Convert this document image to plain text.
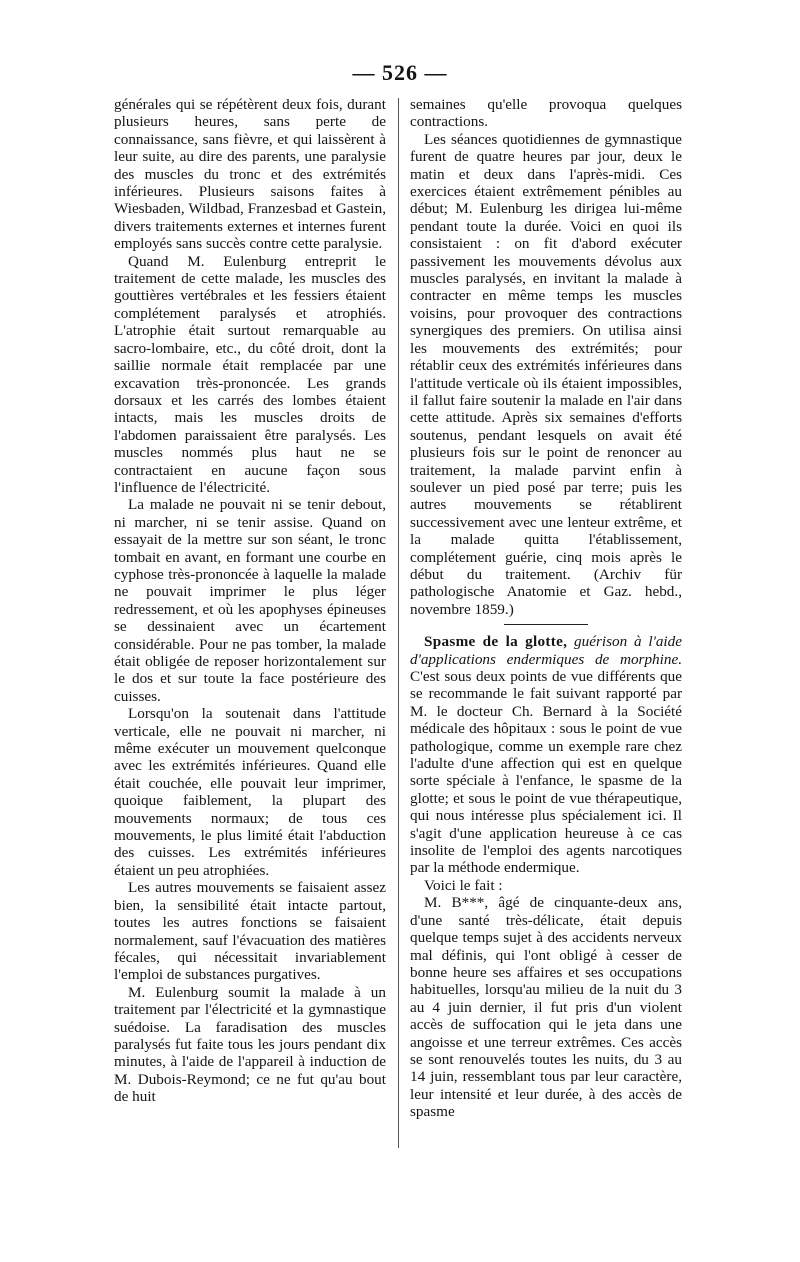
— 526 —

générales qui se répétèrent deux fois, durant plusieurs heures, sans perte de connaissance, sans fièvre, et qui laissèrent à leur suite, au dire des parents, une paralysie des muscles du tronc et des extrémités inférieures. Plusieurs saisons faites à Wiesbaden, Wildbad, Franzesbad et Gastein, divers traitements externes et internes furent employés sans succès contre cette paralysie.

Quand M. Eulenburg entreprit le traitement de cette malade, les muscles des gouttières vertébrales et les fessiers étaient complétement paralysés et atrophiés. L'atrophie était surtout remarquable au sacro-lombaire, etc., du côté droit, dont la saillie normale était remplacée par une excavation très-prononcée. Les grands dorsaux et les carrés des lombes étaient intacts, mais les muscles droits de l'abdomen paraissaient être paralysés. Les muscles nommés plus haut ne se contractaient en aucune façon sous l'influence de l'électricité.

La malade ne pouvait ni se tenir debout, ni marcher, ni se tenir assise. Quand on essayait de la mettre sur son séant, le tronc tombait en avant, en formant une courbe en cyphose très-prononcée à laquelle la malade ne pouvait imprimer le plus léger redressement, et où les apophyses épineuses se dessinaient avec un écartement considérable. Pour ne pas tomber, la malade était obligée de reposer horizontalement sur le dos et sur toute la face postérieure des cuisses.

Lorsqu'on la soutenait dans l'attitude verticale, elle ne pouvait ni marcher, ni même exécuter un mouvement quelconque avec les extrémités inférieures. Quand elle était couchée, elle pouvait leur imprimer, quoique faiblement, la plupart des mouvements normaux; de tous ces mouvements, le plus limité était l'abduction des cuisses. Les extrémités inférieures étaient un peu atrophiées.

Les autres mouvements se faisaient assez bien, la sensibilité était intacte partout, toutes les autres fonctions se faisaient normalement, sauf l'évacuation des matières fécales, qui nécessitait invariablement l'emploi de substances purgatives.

M. Eulenburg soumit la malade à un traitement par l'électricité et la gymnastique suédoise. La faradisation des muscles paralysés fut faite tous les jours pendant dix minutes, à l'aide de l'appareil à induction de M. Dubois-Reymond; ce ne fut qu'au bout de huit

semaines qu'elle provoqua quelques contractions.

Les séances quotidiennes de gymnastique furent de quatre heures par jour, deux le matin et deux dans l'après-midi. Ces exercices étaient extrêmement pénibles au début; M. Eulenburg les dirigea lui-même pendant toute la durée. Voici en quoi ils consistaient : on fit d'abord exécuter passivement les mouvements dévolus aux muscles paralysés, en invitant la malade à contracter en même temps les muscles voisins, pour provoquer des contractions synergiques des premiers. On utilisa ainsi les mouvements des extrémités; pour rétablir ceux des extrémités inférieures dans l'attitude verticale où ils étaient impossibles, il fallut faire soutenir la malade en l'air dans cette attitude. Après six semaines d'efforts soutenus, pendant lesquels on avait été plusieurs fois sur le point de renoncer au traitement, la malade parvint enfin à soulever un pied posé par terre; puis les autres mouvements se rétablirent successivement avec une lenteur extrême, et la malade quitta l'établissement, complétement guérie, cinq mois après le début du traitement. (Archiv für pathologische Anatomie et Gaz. hebd., novembre 1859.)

Spasme de la glotte, guérison à l'aide d'applications endermiques de morphine. C'est sous deux points de vue différents que se recommande le fait suivant rapporté par M. le docteur Ch. Bernard à la Société médicale des hôpitaux : sous le point de vue pathologique, comme un exemple rare chez l'adulte d'une affection qui est en quelque sorte spéciale à l'enfance, le spasme de la glotte; et sous le point de vue thérapeutique, qui nous intéresse plus spécialement ici. Il s'agit d'une application heureuse à ce cas insolite de l'emploi des agents narcotiques par la méthode endermique.

Voici le fait :

M. B***, âgé de cinquante-deux ans, d'une santé très-délicate, était depuis quelque temps sujet à des accidents nerveux mal définis, qui l'ont obligé à cesser de bonne heure ses affaires et ses occupations habituelles, lorsqu'au milieu de la nuit du 3 au 4 juin dernier, il fut pris d'un violent accès de suffocation qui le jeta dans une angoisse et une terreur extrêmes. Ces accès se sont renouvelés toutes les nuits, du 3 au 14 juin, ressemblant tous par leur caractère, leur intensité et leur durée, à des accès de spasme
